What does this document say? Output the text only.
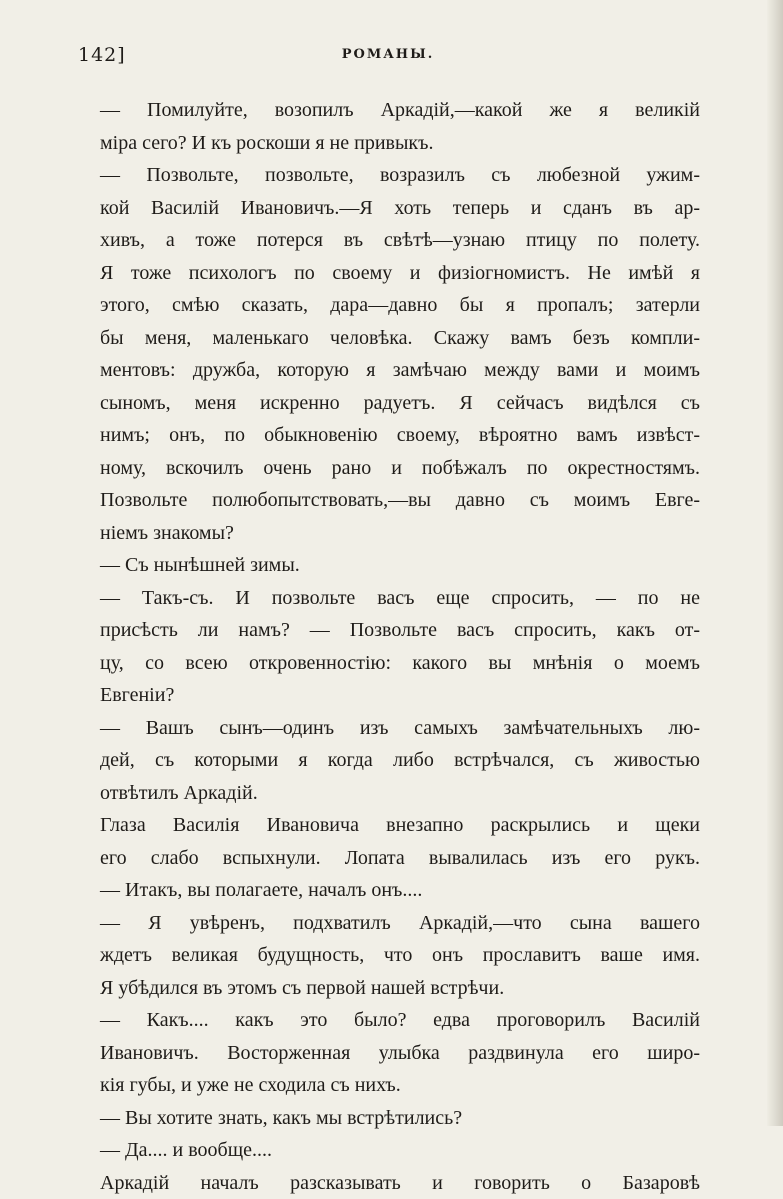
142]	РОМАНЫ.
— Помилуйте, возопилъ Аркадій,—какой же я великій
міра сего? И къ роскоши я не привыкъ.
— Позвольте, позвольте, возразилъ съ любезной ужим-
кой Василій Ивановичъ.—Я хоть теперь и сданъ въ ар-
хивъ, а тоже потерся въ свѣтѣ—узнаю птицу по полету.
Я тоже психологъ по своему и физіогномистъ. Не имѣй я
этого, смѣю сказать, дара—давно бы я пропалъ; затерли
бы меня, маленькаго человѣка. Скажу вамъ безъ компли-
ментовъ: дружба, которую я замѣчаю между вами и моимъ
сыномъ, меня искренно радуетъ. Я сейчасъ видѣлся съ
нимъ; онъ, по обыкновенію своему, вѣроятно вамъ извѣст-
ному, вскочилъ очень рано и побѣжалъ по окрестностямъ.
Позвольте полюбопытствовать,—вы давно съ моимъ Евге-
ніемъ знакомы?
— Съ нынѣшней зимы.
— Такъ-съ. И позвольте васъ еще спросить, — по не
присѣсть ли намъ? — Позвольте васъ спросить, какъ от-
цу, со всею откровенностію: какого вы мнѣнія о моемъ
Евгеніи?
— Вашъ сынъ—одинъ изъ самыхъ замѣчательныхъ лю-
дей, съ которыми я когда либо встрѣчался, съ живостью
отвѣтилъ Аркадій.
Глаза Василія Ивановича внезапно раскрылись и щеки
его слабо вспыхнули. Лопата вывалилась изъ его рукъ.
— Итакъ, вы полагаете, началъ онъ....
— Я увѣренъ, подхватилъ Аркадій,—что сына вашего
ждетъ великая будущность, что онъ прославитъ ваше имя.
Я убѣдился въ этомъ съ первой нашей встрѣчи.
— Какъ.... какъ это было? едва проговорилъ Василій
Ивановичъ. Восторженная улыбка раздвинула его широ-
кія губы, и уже не сходила съ нихъ.
— Вы хотите знать, какъ мы встрѣтились?
— Да.... и вообще....
Аркадій началъ разсказывать и говорить о Базаровѣ
